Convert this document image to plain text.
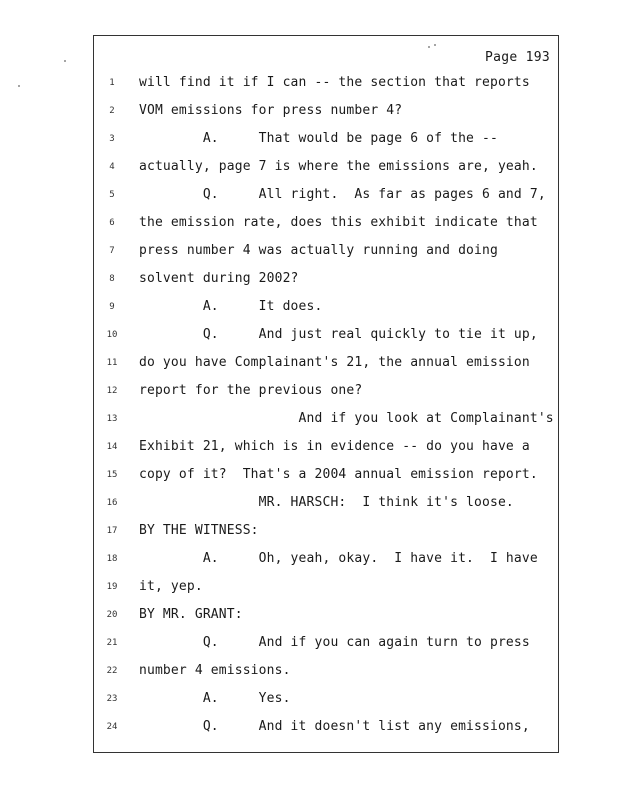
Page 193
1	will find it if I can -- the section that reports
2	VOM emissions for press number 4?
3	A.     That would be page 6 of the --
4	actually, page 7 is where the emissions are, yeah.
5	Q.     All right.  As far as pages 6 and 7,
6	the emission rate, does this exhibit indicate that
7	press number 4 was actually running and doing
8	solvent during 2002?
9	A.     It does.
10 Q.     And just real quickly to tie it up,
11 do you have Complainant's 21, the annual emission
12 report for the previous one?
13 And if you look at Complainant's
14 Exhibit 21, which is in evidence -- do you have a
15 copy of it?  That's a 2004 annual emission report.
16 MR. HARSCH:  I think it's loose.
17 BY THE WITNESS:
18 A.     Oh, yeah, okay.  I have it.  I have
19 it, yep.
20 BY MR. GRANT:
21 Q.     And if you can again turn to press
22 number 4 emissions.
23 A.     Yes.
24 Q.     And it doesn't list any emissions,
